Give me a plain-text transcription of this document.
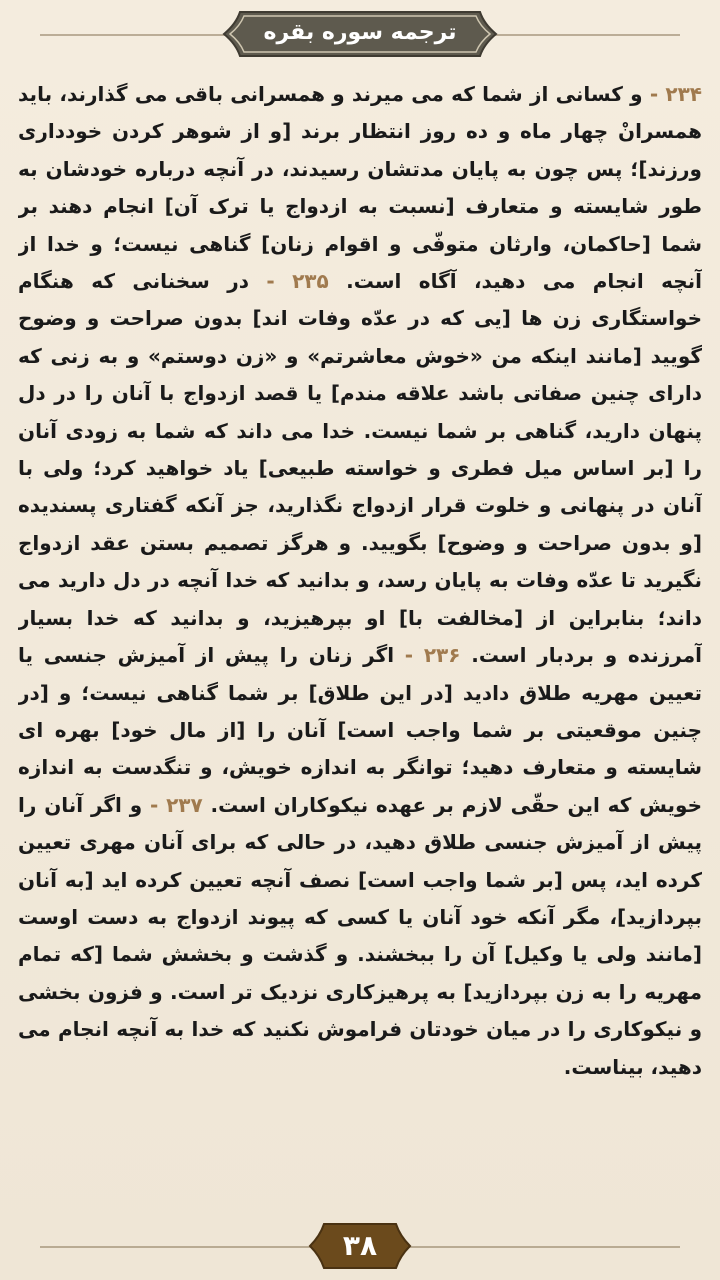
ترجمه سوره بقره

۲۳۴ - و کسانی از شما که می میرند و همسرانی باقی می گذارند، باید همسرانْ چهار ماه و ده روز انتظار برند [و از شوهر کردن خودداری ورزند]؛ پس چون به پایان مدتشان رسیدند، در آنچه درباره خودشان به طور شایسته و متعارف [نسبت به ازدواج یا ترک آن] انجام دهند بر شما [حاکمان، وارثان متوفّی و اقوام زنان] گناهی نیست؛ و خدا از آنچه انجام می دهید، آگاه است. ۲۳۵ - در سخنانی که هنگام خواستگاری زن ها [یی که در عدّه وفات اند] بدون صراحت و وضوح گویید [مانند اینکه من «خوش معاشرتم» و «زن دوستم» و به زنی که دارای چنین صفاتی باشد علاقه مندم] یا قصد ازدواج با آنان را در دل پنهان دارید، گناهی بر شما نیست. خدا می داند که شما به زودی آنان را [بر اساس میل فطری و خواسته طبیعی] یاد خواهید کرد؛ ولی با آنان در پنهانی و خلوت قرار ازدواج نگذارید، جز آنکه گفتاری پسندیده [و بدون صراحت و وضوح] بگویید. و هرگز تصمیم بستن عقد ازدواج نگیرید تا عدّه وفات به پایان رسد، و بدانید که خدا آنچه در دل دارید می داند؛ بنابراین از [مخالفت با] او بپرهیزید، و بدانید که خدا بسیار آمرزنده و بردبار است. ۲۳۶ - اگر زنان را پیش از آمیزش جنسی یا تعیین مهریه طلاق دادید [در این طلاق] بر شما گناهی نیست؛ و [در چنین موقعیتی بر شما واجب است] آنان را [از مال خود] بهره ای شایسته و متعارف دهید؛ توانگر به اندازه خویش، و تنگدست به اندازه خویش که این حقّی لازم بر عهده نیکوکاران است. ۲۳۷ - و اگر آنان را پیش از آمیزش جنسی طلاق دهید، در حالی که برای آنان مهری تعیین کرده اید، پس [بر شما واجب است] نصف آنچه تعیین کرده اید [به آنان بپردازید]، مگر آنکه خود آنان یا کسی که پیوند ازدواج به دست اوست [مانند ولی یا وکیل] آن را ببخشند. و گذشت و بخشش شما [که تمام مهریه را به زن بپردازید] به پرهیزکاری نزدیک تر است. و فزون بخشی و نیکوکاری را در میان خودتان فراموش نکنید که خدا به آنچه انجام می دهید، بیناست.

۳۸
